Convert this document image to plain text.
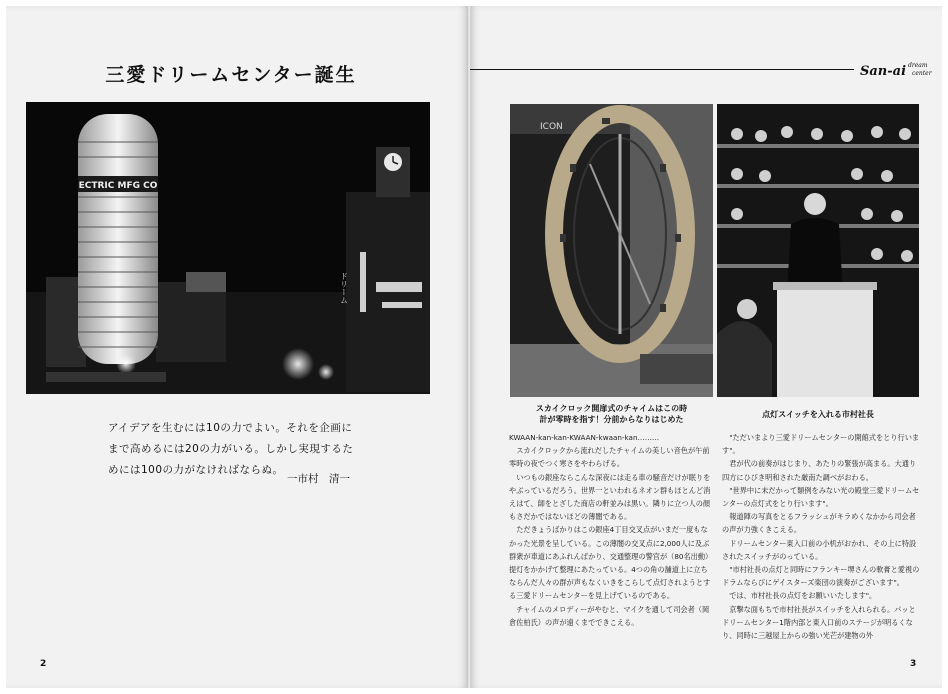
三愛ドリームセンター誕生
ECTRIC MFG CO
ドリーム
アイデアを生むには10の力でよい。それを企画に
まで高めるには20の力がいる。しかし実現するた
めには100の力がなければならぬ。
一市村　清一
2
San-ai dream
center
ICON
スカイクロック開扉式のチャイムはこの時
計が零時を指す！分前からなりはじめた
点灯スイッチを入れる市村社長

KWAAN-kan-kan-KWAAN-kwaan-kan………

スカイクロックから流れだしたチャイムの美しい音色が午前零時の夜でつく寒さをやわらげる。

いつもの銀座ならこんな深夜には走る車の騒音だけが眠りをやぶっているだろう。世界一といわれるネオン群もほとんど消えはて、師をとざした商店の軒並みは黒い。隣りに立つ人の顔もさだかではないほどの薄闇である。

ただきょうばかりはこの銀座4丁目交叉点がいまだ一度もなかった光景を呈している。この薄闇の交叉点に2,000人に及ぶ群衆が車道にあふれんばかり、交通整理の警官が（80名出動）提灯をかかげて整理にあたっている。4つの角の舗道上に立ちならんだ人々の群が声もなくいきをこらして点灯されようとする三愛ドリームセンターを見上げているのである。

チャイムのメロディーがやむと、マイクを通して司会者（岡倉佐柏氏）の声が遠くまでできこえる。

"ただいまより三愛ドリームセンターの開館式をとり行います"。

君が代の前奏がはじまり、あたりの緊張が高まる。大通り四方にひびき明和された厳南た調べがおわる。

"世界中に未だかって類例をみない光の殿堂三愛ドリームセンターの点灯式をとり行います"。

報道陣の写真をとるフラッシュがキラめくなかから司会者の声が力強くきこえる。

ドリームセンター東入口前の小机がおかれ、その上に特設されたスイッチがのっている。

"市村社長の点灯と同時にフランキー堺さんの軟膏と愛視のドラムならびにゲイスターズ楽団の演奏がございます"。

では、市村社長の点灯をお願いいたします"。

京撃な面もちで市村社長がスイッチを入れられる。パッとドリームセンター1階内部と東入口前のステージが明るくなり、同時に三越屋上からの強い光芒が建物の外

3
